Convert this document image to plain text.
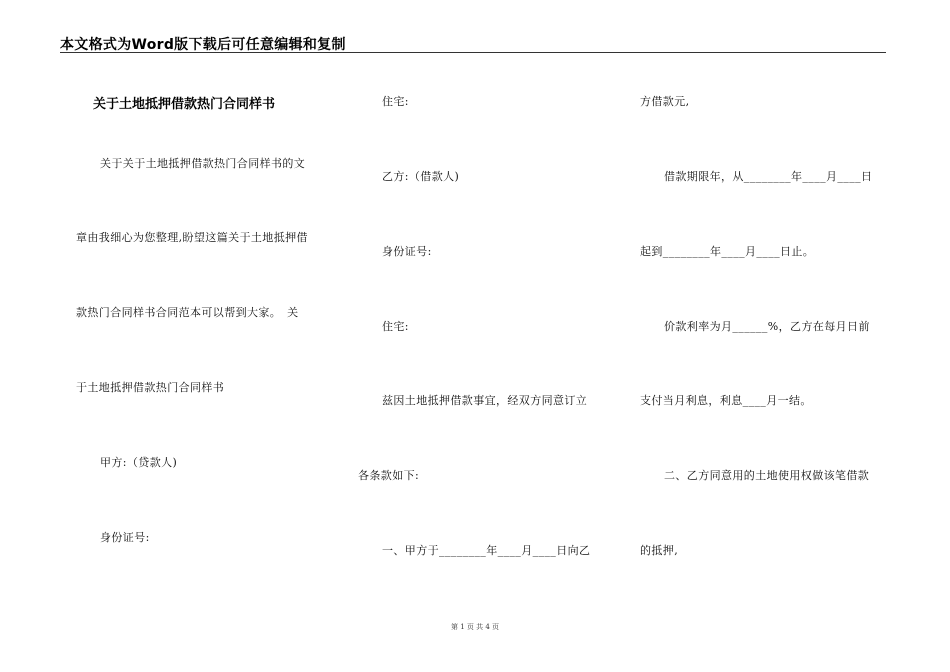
本文格式为Word版下载后可任意编辑和复制
关于土地抵押借款热门合同样书
关于关于土地抵押借款热门合同样书的文
章由我细心为您整理,盼望这篇关于土地抵押借
款热门合同样书合同范本可以帮到大家。　关
于土地抵押借款热门合同样书
甲方:（贷款人)
身份证号:
住宅:
乙方:（借款人)
身份证号:
住宅:
兹因土地抵押借款事宜，经双方同意订立
各条款如下:
一、甲方于________年____月____日向乙
方借款元,
借款期限年，从________年____月____日
起到________年____月____日止。
价款利率为月______%，乙方在每月日前
支付当月利息，利息____月一结。
二、乙方同意用的土地使用权做该笔借款
的抵押,
第 1 页 共 4 页
